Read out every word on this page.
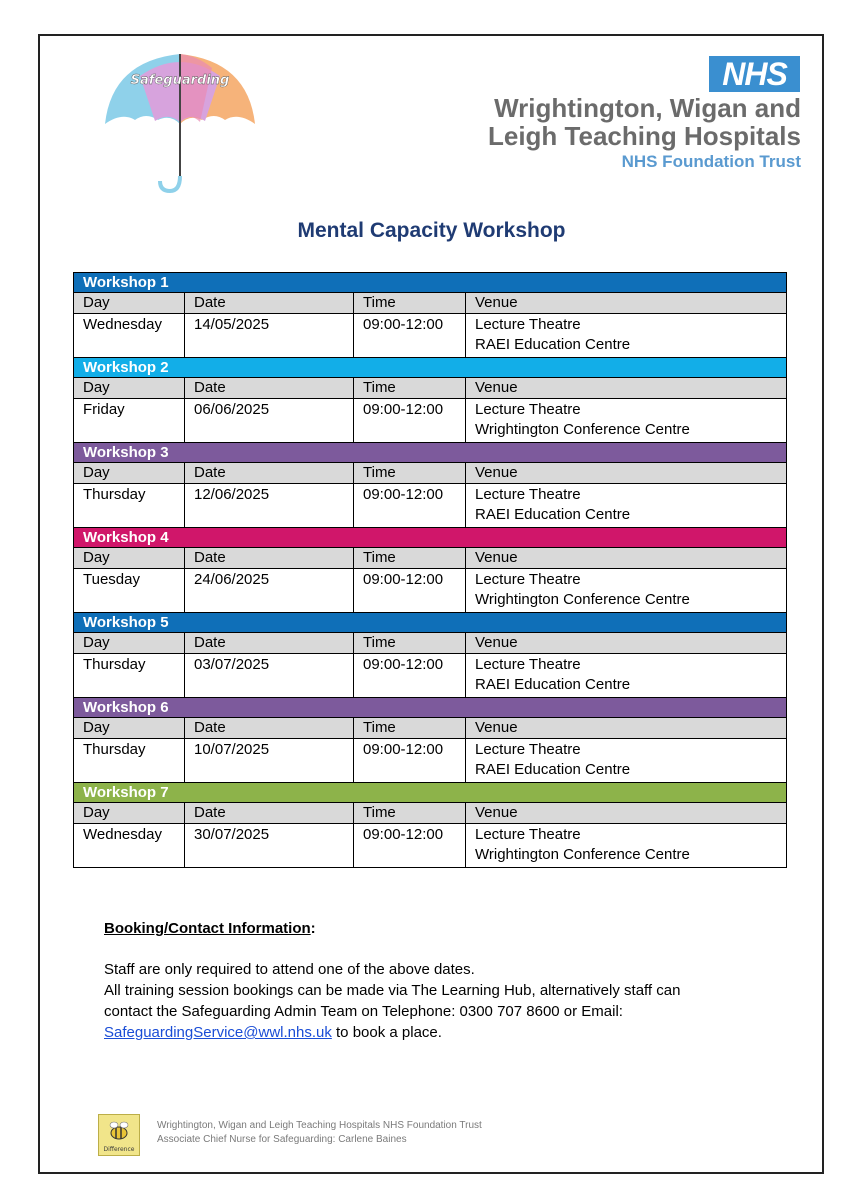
Safeguarding	NHS
Wrightington, Wigan and
Leigh Teaching Hospitals
NHS Foundation Trust
Mental Capacity Workshop
Workshop 1			
Day	Date	Time	Venue
Wednesday	14/05/2025	09:00-12:00	Lecture Theatre
RAEI Education Centre

Workshop 2			
Day	Date	Time	Venue
Friday	06/06/2025	09:00-12:00	Lecture Theatre
Wrightington Conference Centre

Workshop 3			
Day	Date	Time	Venue
Thursday	12/06/2025	09:00-12:00	Lecture Theatre
RAEI Education Centre

Workshop 4			
Day	Date	Time	Venue
Tuesday	24/06/2025	09:00-12:00	Lecture Theatre
Wrightington Conference Centre

Workshop 5			
Day	Date	Time	Venue
Thursday	03/07/2025	09:00-12:00	Lecture Theatre
RAEI Education Centre

Workshop 6			
Day	Date	Time	Venue
Thursday	10/07/2025	09:00-12:00	Lecture Theatre
RAEI Education Centre

Workshop 7			
Day	Date	Time	Venue
Wednesday	30/07/2025	09:00-12:00	Lecture Theatre
Wrightington Conference Centre

Booking/Contact Information:

Staff are only required to attend one of the above dates.

All training session bookings can be made via The Learning Hub, alternatively staff can

contact the Safeguarding Admin Team on Telephone: 0300 707 8600 or Email:

SafeguardingService@wwl.nhs.uk to book a place.

Difference
Wrightington, Wigan and Leigh Teaching Hospitals NHS Foundation Trust
Associate Chief Nurse for Safeguarding: Carlene Baines
